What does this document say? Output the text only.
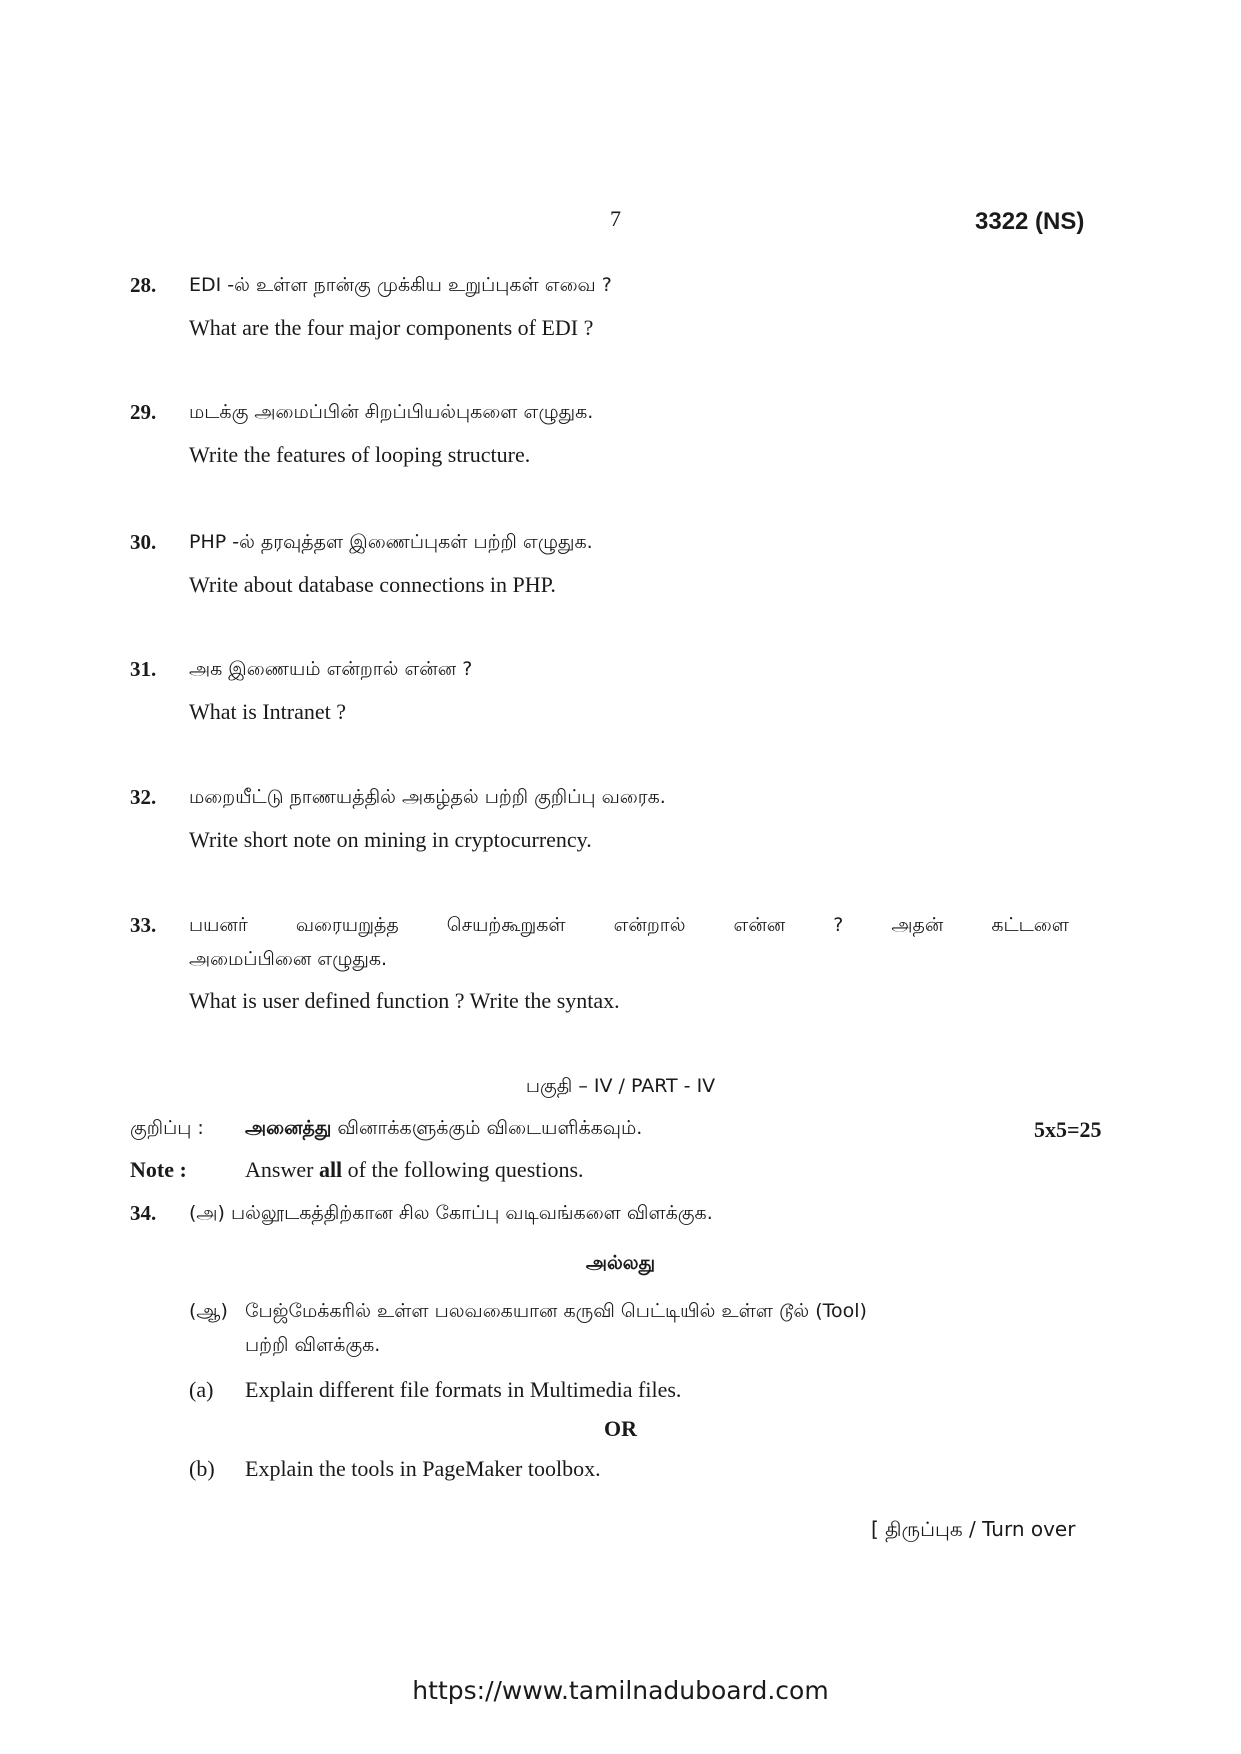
7	3322 (NS)
28. EDI -ல் உள்ள நான்கு முக்கிய உறுப்புகள் எவை ?
What are the four major components of EDI ?
29. மடக்கு அமைப்பின் சிறப்பியல்புகளை எழுதுக.
Write the features of looping structure.
30. PHP -ல் தரவுத்தள இணைப்புகள் பற்றி எழுதுக.
Write about database connections in PHP.
31. அக இணையம் என்றால் என்ன ?
What is Intranet ?
32. மறையீட்டு நாணயத்தில் அகழ்தல் பற்றி குறிப்பு வரைக.
Write short note on mining in cryptocurrency.
33. பயனர்	வரையறுத்த	செயற்கூறுகள்	என்றால்	என்ன	?	அதன்	கட்டளை
அமைப்பினை எழுதுக.
What is user defined function ? Write the syntax.
பகுதி – IV / PART - IV
குறிப்பு : அனைத்து வினாக்களுக்கும் விடையளிக்கவும்.	5x5=25
Note :	Answer all of the following questions.
34. (அ) பல்லூடகத்திற்கான சில கோப்பு வடிவங்களை விளக்குக.
அல்லது
(ஆ) பேஜ்மேக்கரில் உள்ள பலவகையான கருவி பெட்டியில் உள்ள டூல் (Tool)
பற்றி விளக்குக.
(a) Explain different file formats in Multimedia files.
OR
(b) Explain the tools in PageMaker toolbox.
[ திருப்புக / Turn over
https://www.tamilnaduboard.com
